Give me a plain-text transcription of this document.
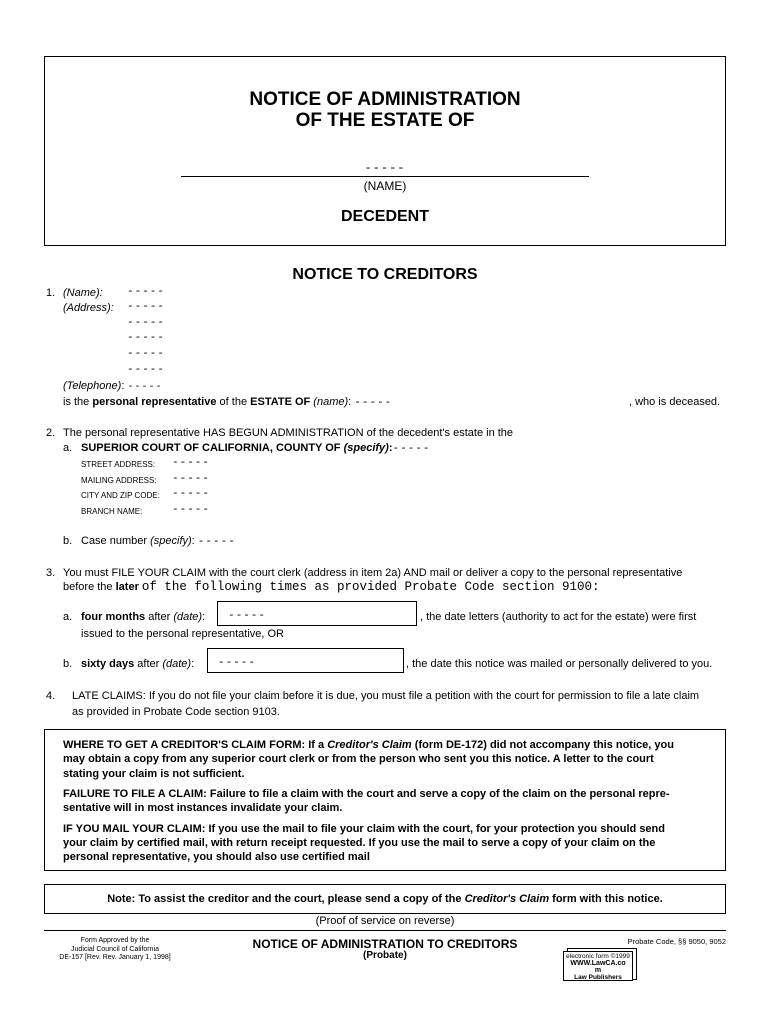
NOTICE OF ADMINISTRATION
OF THE ESTATE OF
-----
(NAME)
DECEDENT
NOTICE TO CREDITORS
1. (Name): -----
(Address): -----
-----
-----
-----
-----
(Telephone): -----
is the personal representative of the ESTATE OF (name): -----	, who is deceased.
2. The personal representative HAS BEGUN ADMINISTRATION of the decedent's estate in the
a. SUPERIOR COURT OF CALIFORNIA, COUNTY OF (specify):-----
STREET ADDRESS: -----
MAILING ADDRESS: -----
CITY AND ZIP CODE: -----
BRANCH NAME:	-----
b. Case number (specify): -----
3. You must FILE YOUR CLAIM with the court clerk (address in item 2a) AND mail or deliver a copy to the personal representative
before the later of the following times as provided Probate Code section 9100:
a. four months after (date): -----	, the date letters (authority to act for the estate) were first
issued to the personal representative, OR
b. sixty days after (date): -----	, the date this notice was mailed or personally delivered to you.
4. LATE CLAIMS: If you do not file your claim before it is due, you must file a petition with the court for permission to file a late claim
as provided in Probate Code section 9103.
WHERE TO GET A CREDITOR'S CLAIM FORM: If a Creditor's Claim (form DE-172) did not accompany this notice, you
may obtain a copy from any superior court clerk or from the person who sent you this notice. A letter to the court
stating your claim is not sufficient.
FAILURE TO FILE A CLAIM: Failure to file a claim with the court and serve a copy of the claim on the personal repre-
sentative will in most instances invalidate your claim.
IF YOU MAIL YOUR CLAIM: If you use the mail to file your claim with the court, for your protection you should send
your claim by certified mail, with return receipt requested. If you use the mail to serve a copy of your claim on the
personal representative, you should also use certified mail
Note: To assist the creditor and the court, please send a copy of the Creditor's Claim form with this notice.
(Proof of service on reverse)
Form Approved by the
Judicial Council of California
DE-157 [Rev. Rev. January 1, 1998]
NOTICE OF ADMINISTRATION TO CREDITORS
(Probate)
Probate Code, §§ 9050, 9052
electronic form ©1999
WWW.LawCA.co
m
Law Publishers
